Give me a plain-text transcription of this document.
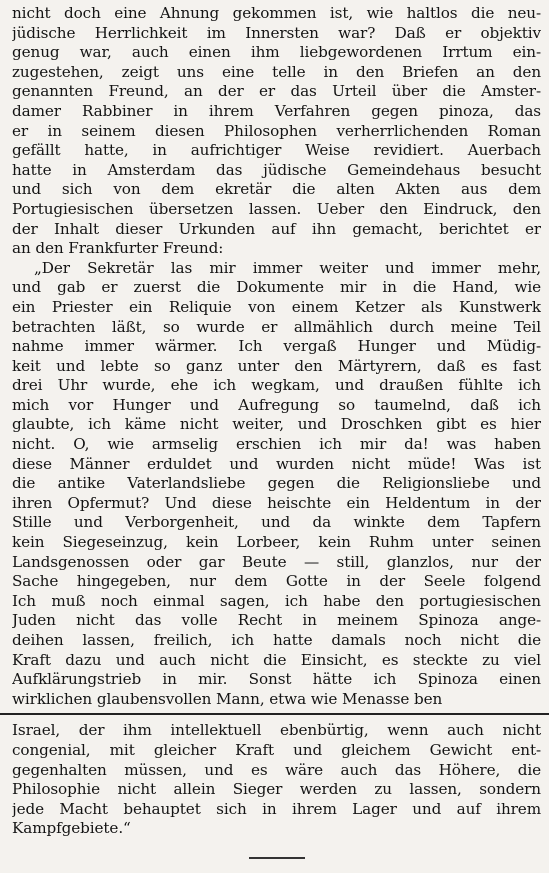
nicht doch eine Ahnung gekommen ist, wie haltlos die neu-
jüdische Herrlichkeit im Innersten war? Daß er objektiv
genug war, auch einen ihm liebgewordenen Irrtum ein-
zugestehen, zeigt uns eine telle in den Briefen an den
genannten Freund, an der er das Urteil über die Amster-
damer Rabbiner in ihrem Verfahren gegen pinoza, das
er in seinem diesen Philosophen verherrlichenden Roman
gefällt hatte, in aufrichtiger Weise revidiert. Auerbach
hatte in Amsterdam das jüdische Gemeindehaus besucht
und sich von dem ekretär die alten Akten aus dem
Portugiesischen übersetzen lassen. Ueber den Eindruck, den
der Inhalt dieser Urkunden auf ihn gemacht, berichtet er
an den Frankfurter Freund:
„Der Sekretär las mir immer weiter und immer mehr,
und gab er zuerst die Dokumente mir in die Hand, wie
ein Priester ein Reliquie von einem Ketzer als Kunstwerk
betrachten läßt, so wurde er allmählich durch meine Teil
nahme immer wärmer. Ich vergaß Hunger und Müdig-
keit und lebte so ganz unter den Märtyrern, daß es fast
drei Uhr wurde, ehe ich wegkam, und draußen fühlte ich
mich vor Hunger und Aufregung so taumelnd, daß ich
glaubte, ich käme nicht weiter, und Droschken gibt es hier
nicht. O, wie armselig erschien ich mir da! was haben
diese Männer erduldet und wurden nicht müde! Was ist
die antike Vaterlandsliebe gegen die Religionsliebe und
ihren Opfermut? Und diese heischte ein Heldentum in der
Stille und Verborgenheit, und da winkte dem Tapfern
kein Siegeseinzug, kein Lorbeer, kein Ruhm unter seinen
Landsgenossen oder gar Beute — still, glanzlos, nur der
Sache hingegeben, nur dem Gotte in der Seele folgend
Ich muß noch einmal sagen, ich habe den portugiesischen
Juden nicht das volle Recht in meinem Spinoza ange-
deihen lassen, freilich, ich hatte damals noch nicht die
Kraft dazu und auch nicht die Einsicht, es steckte zu viel
Aufklärungstrieb in mir. Sonst hätte ich Spinoza einen
wirklichen glaubensvollen Mann, etwa wie Menasse ben
Israel, der ihm intellektuell ebenbürtig, wenn auch nicht
congenial, mit gleicher Kraft und gleichem Gewicht ent-
gegenhalten müssen, und es wäre auch das Höhere, die
Philosophie nicht allein Sieger werden zu lassen, sondern
jede Macht behauptet sich in ihrem Lager und auf ihrem
Kampfgebiete.“
